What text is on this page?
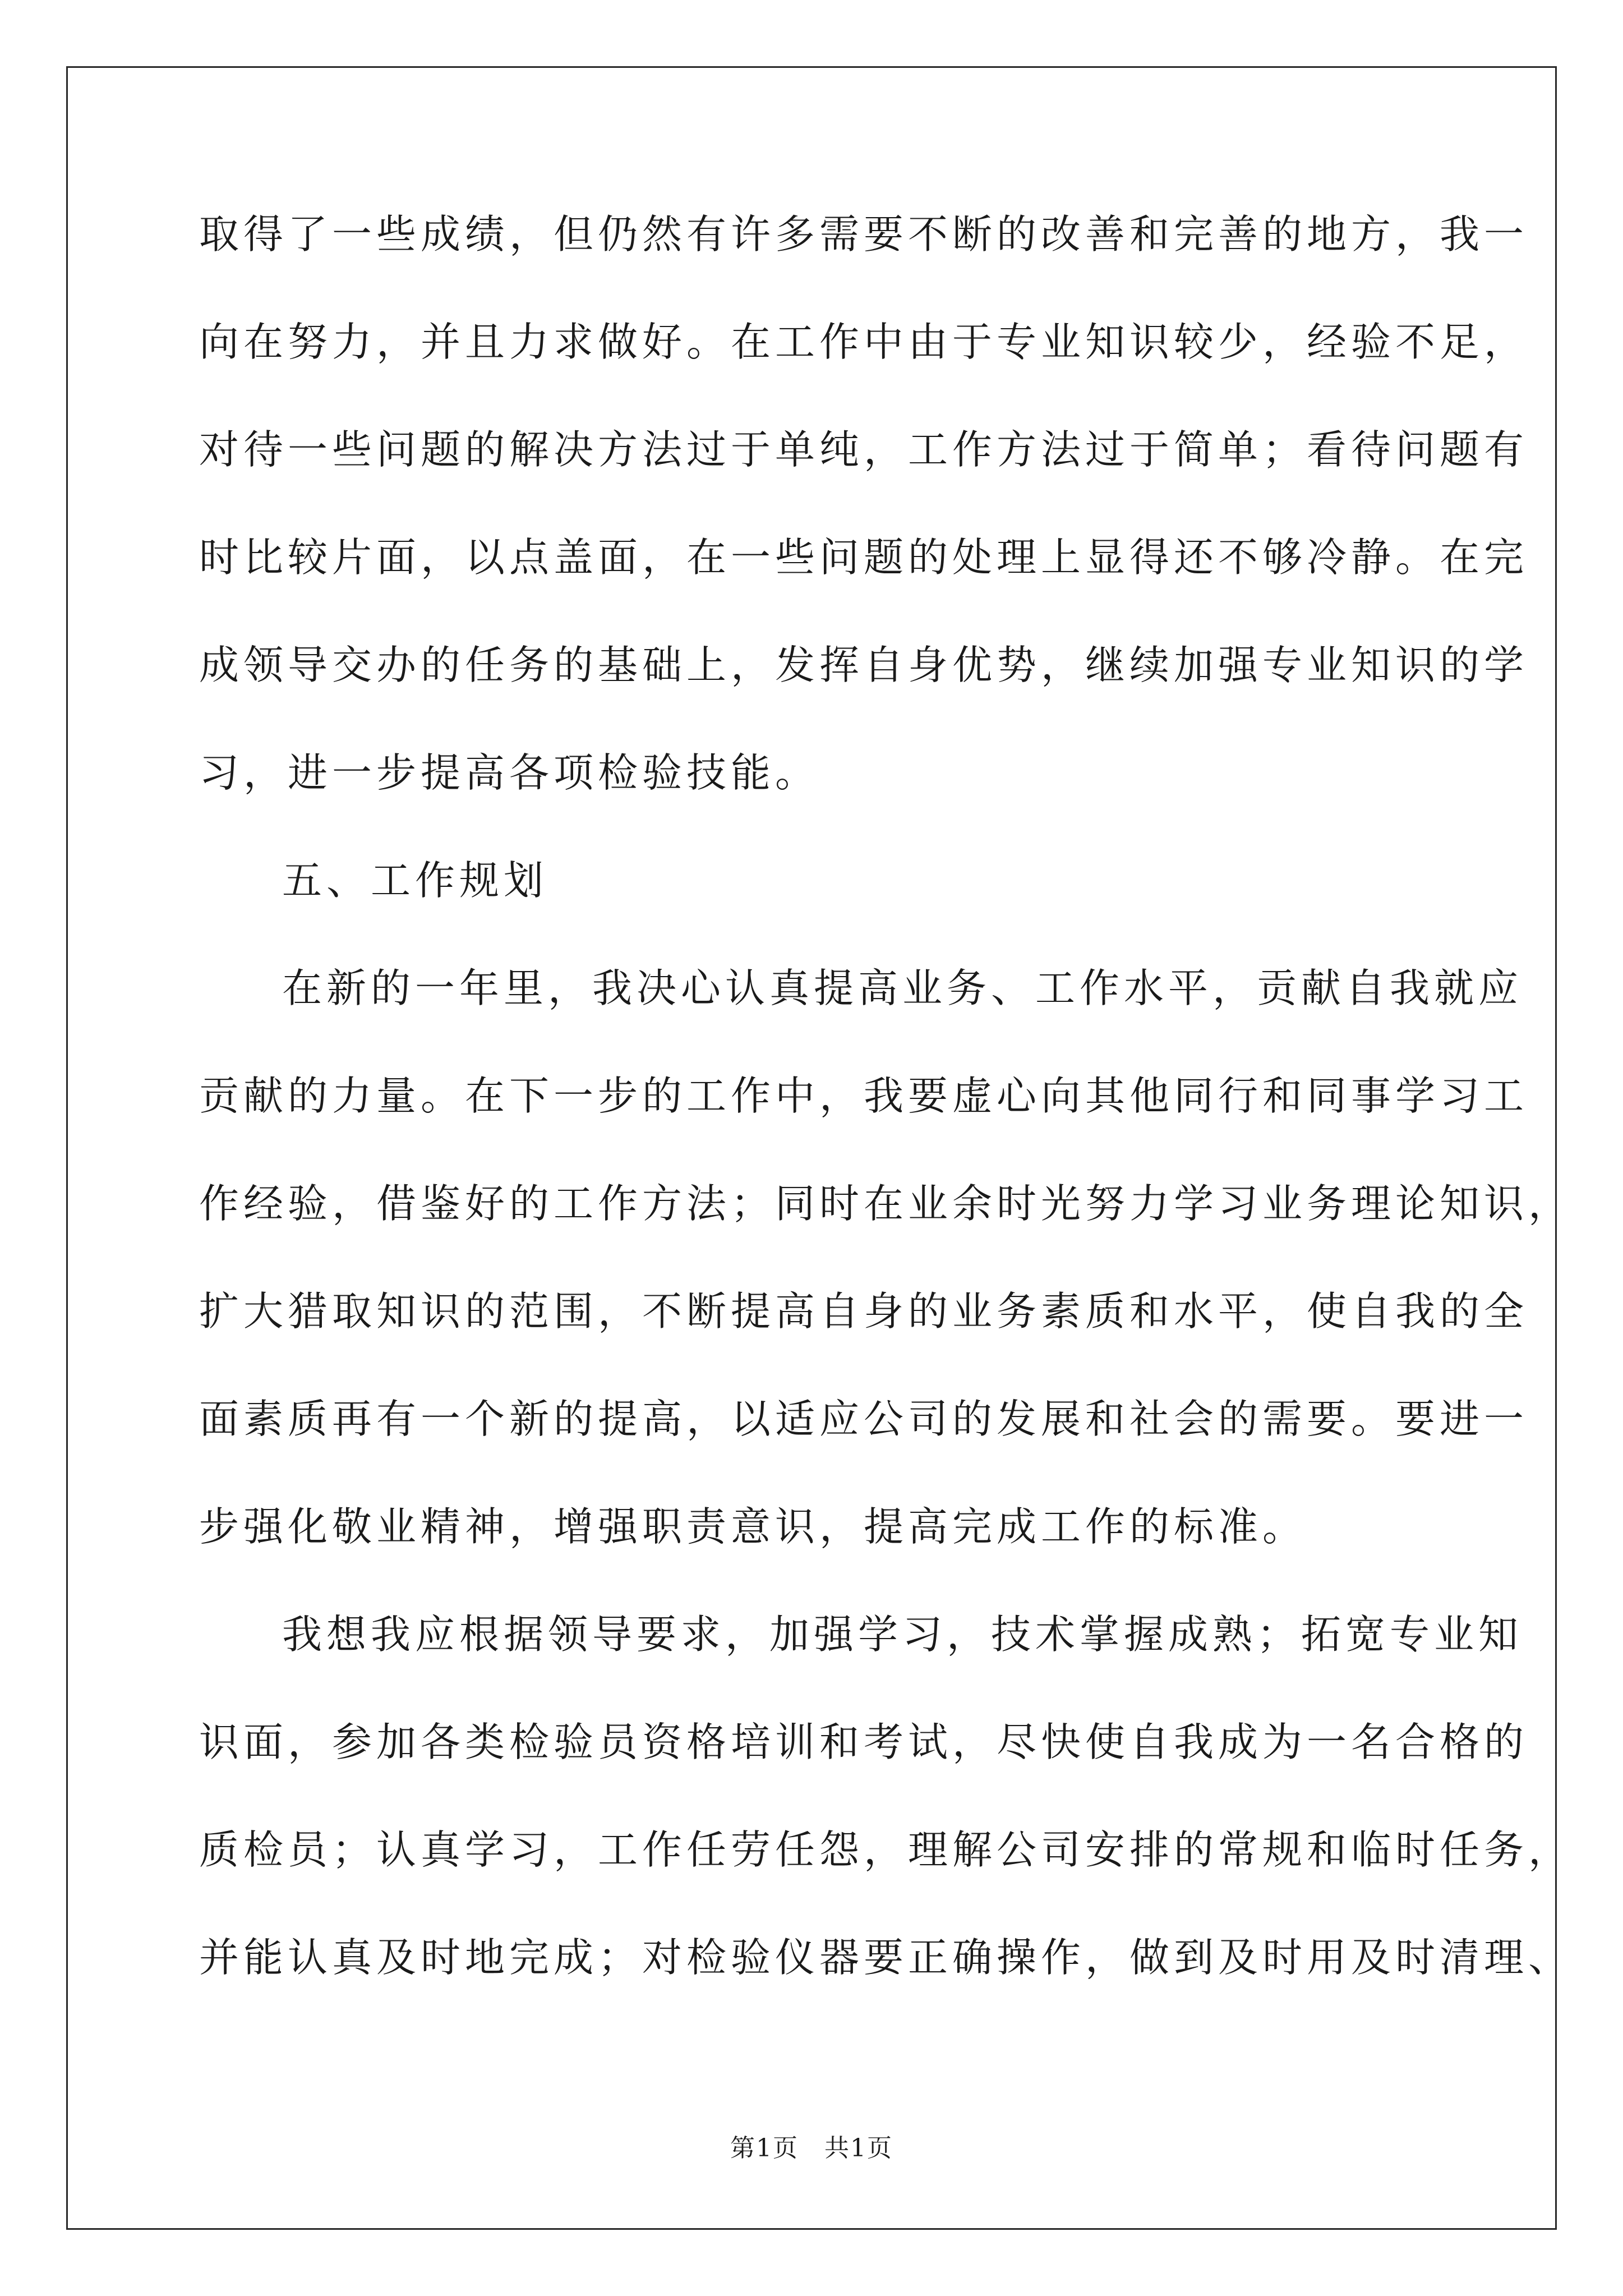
取得了一些成绩，但仍然有许多需要不断的改善和完善的地方，我一
向在努力，并且力求做好。在工作中由于专业知识较少，经验不足，
对待一些问题的解决方法过于单纯，工作方法过于简单；看待问题有
时比较片面，以点盖面，在一些问题的处理上显得还不够冷静。在完
成领导交办的任务的基础上，发挥自身优势，继续加强专业知识的学
习，进一步提高各项检验技能。
五、工作规划
在新的一年里，我决心认真提高业务、工作水平，贡献自我就应
贡献的力量。在下一步的工作中，我要虚心向其他同行和同事学习工
作经验，借鉴好的工作方法；同时在业余时光努力学习业务理论知识，
扩大猎取知识的范围，不断提高自身的业务素质和水平，使自我的全
面素质再有一个新的提高，以适应公司的发展和社会的需要。要进一
步强化敬业精神，增强职责意识，提高完成工作的标准。
我想我应根据领导要求，加强学习，技术掌握成熟；拓宽专业知
识面，参加各类检验员资格培训和考试，尽快使自我成为一名合格的
质检员；认真学习，工作任劳任怨，理解公司安排的常规和临时任务，
并能认真及时地完成；对检验仪器要正确操作，做到及时用及时清理、
第1页　共1页
